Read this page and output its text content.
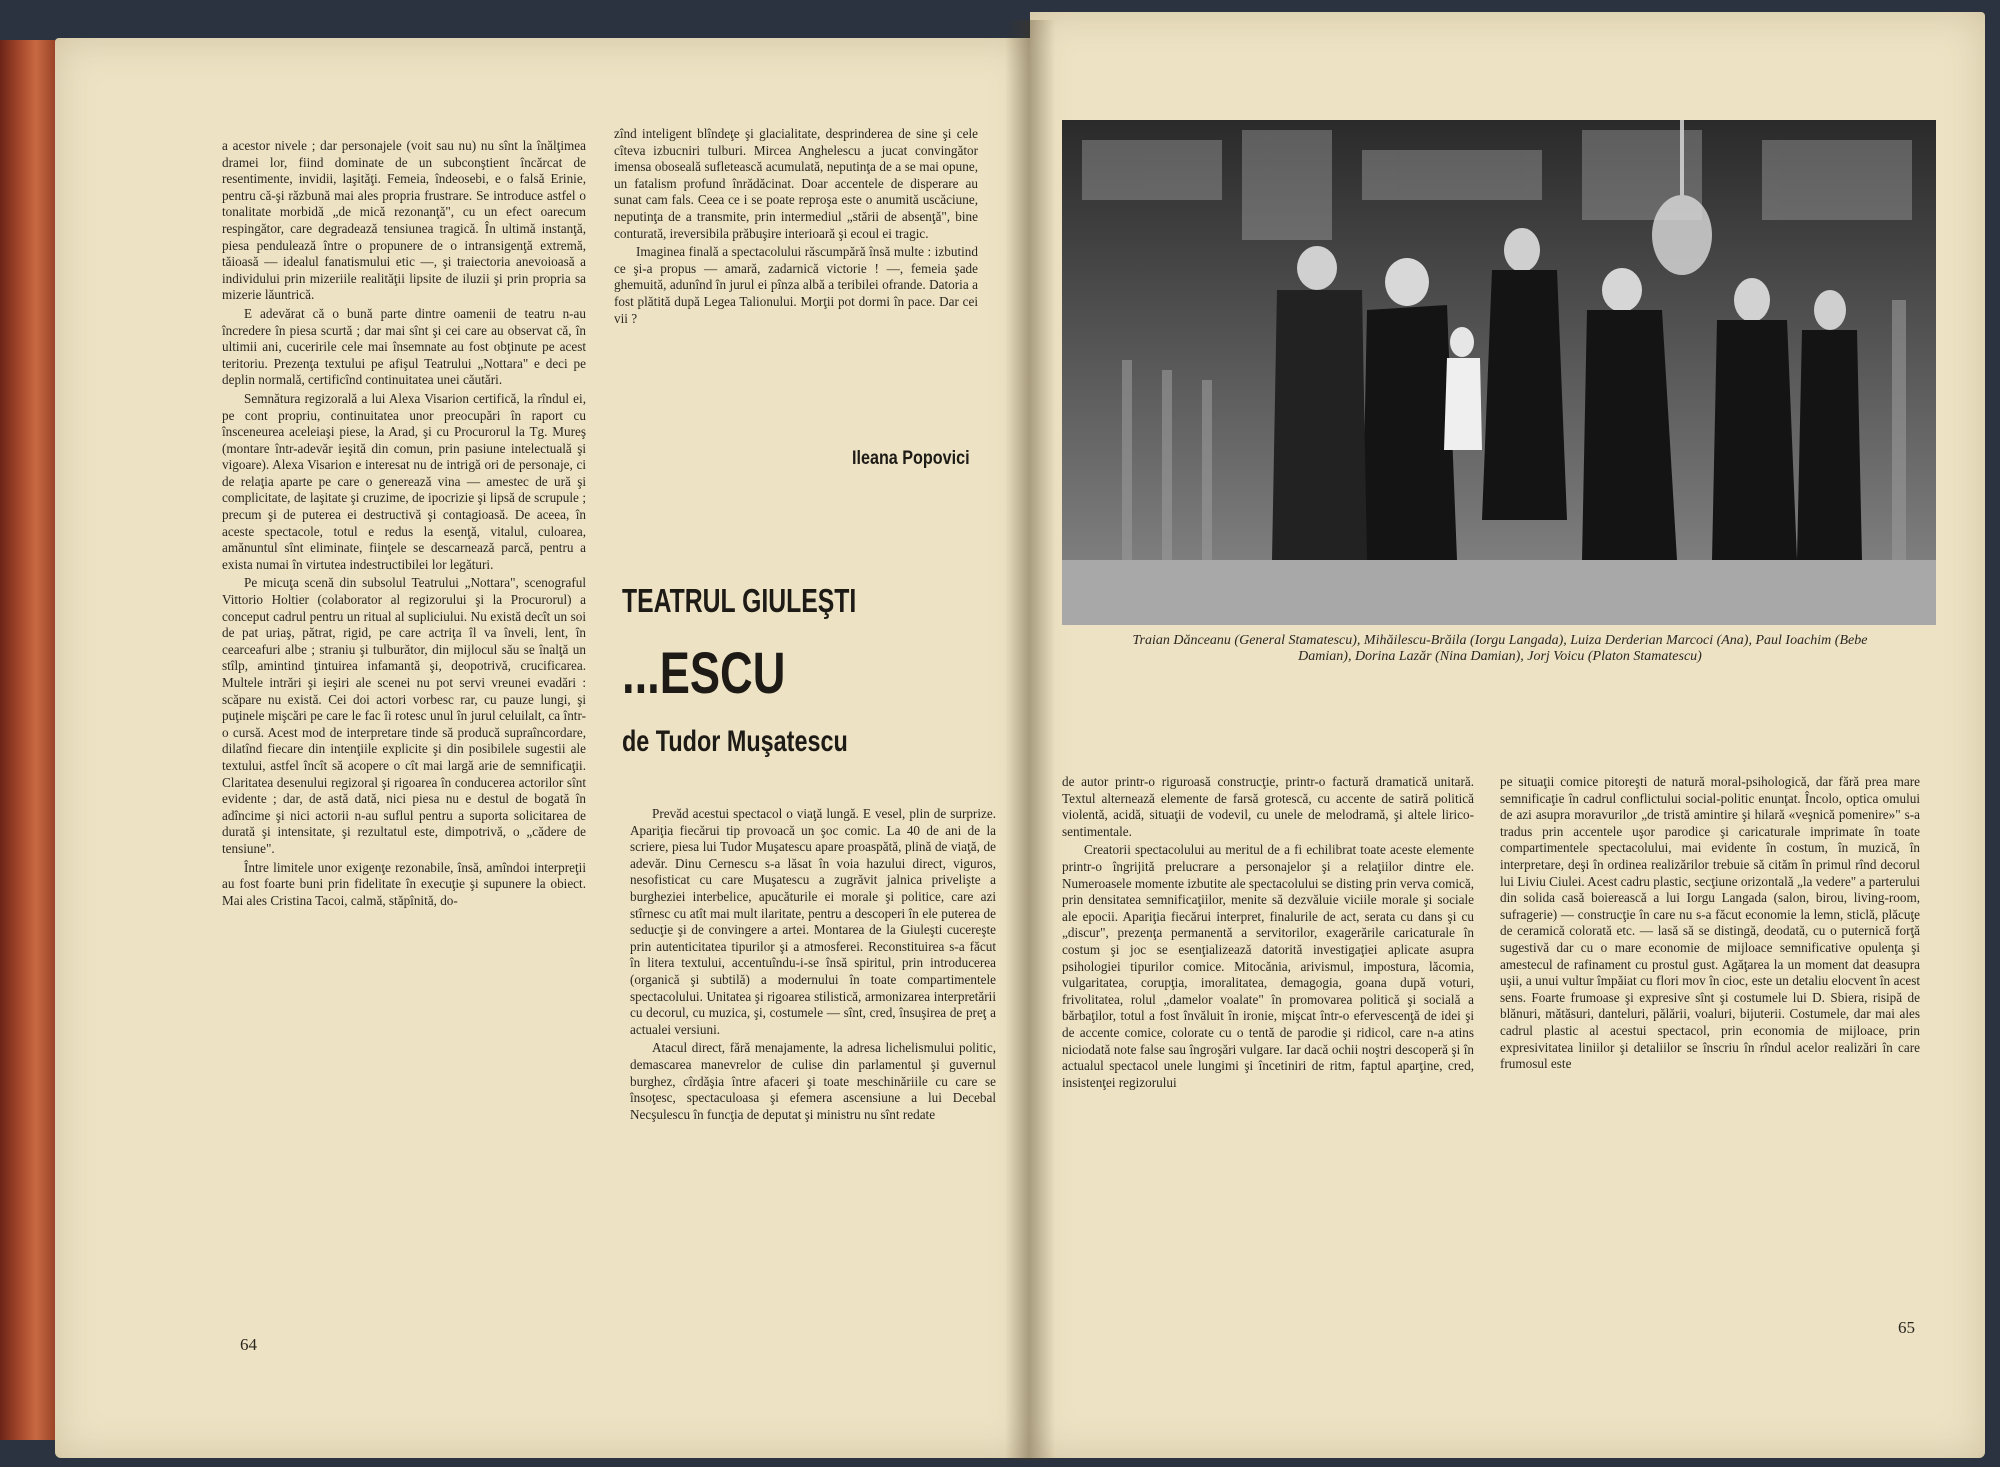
a acestor nivele ; dar personajele (voit sau nu) nu sînt la înălţimea dramei lor, fiind dominate de un subconştient încărcat de resentimente, invidii, laşităţi. Femeia, îndeosebi, e o falsă Erinie, pentru că-şi răzbună mai ales propria frustrare. Se introduce astfel o tonalitate morbidă „de mică rezonanţă", cu un efect oarecum respingător, care degradează tensiunea tragică. În ultimă instanţă, piesa pendulează între o propunere de o intransigenţă extremă, tăioasă — idealul fanatismului etic —, şi traiectoria anevoioasă a individului prin mizeriile realităţii lipsite de iluzii şi prin propria sa mizerie lăuntrică.

E adevărat că o bună parte dintre oamenii de teatru n-au încredere în piesa scurtă ; dar mai sînt şi cei care au observat că, în ultimii ani, cuceririle cele mai însemnate au fost obţinute pe acest teritoriu. Prezenţa textului pe afişul Teatrului „Nottara" e deci pe deplin normală, certificînd continuitatea unei căutări.

Semnătura regizorală a lui Alexa Visarion certifică, la rîndul ei, pe cont propriu, continuitatea unor preocupări în raport cu însceneurea aceleiaşi piese, la Arad, şi cu Procurorul la Tg. Mureş (montare într-adevăr ieşită din comun, prin pasiune intelectuală şi vigoare). Alexa Visarion e interesat nu de intrigă ori de personaje, ci de relaţia aparte pe care o generează vina — amestec de ură şi complicitate, de laşitate şi cruzime, de ipocrizie şi lipsă de scrupule ; precum şi de puterea ei destructivă şi contagioasă. De aceea, în aceste spectacole, totul e redus la esenţă, vitalul, culoarea, amănuntul sînt eliminate, fiinţele se descarnează parcă, pentru a exista numai în virtutea indestructibilei lor legături.

Pe micuţa scenă din subsolul Teatrului „Nottara", scenograful Vittorio Holtier (colaborator al regizorului şi la Procurorul) a conceput cadrul pentru un ritual al supliciului. Nu există decît un soi de pat uriaş, pătrat, rigid, pe care actriţa îl va înveli, lent, în cearceafuri albe ; straniu şi tulburător, din mijlocul său se înalţă un stîlp, amintind ţintuirea infamantă şi, deopotrivă, crucificarea. Multele intrări şi ieşiri ale scenei nu pot servi vreunei evadări : scăpare nu există. Cei doi actori vorbesc rar, cu pauze lungi, şi puţinele mişcări pe care le fac îi rotesc unul în jurul celuilalt, ca într-o cursă. Acest mod de interpretare tinde să producă supraîncordare, dilatînd fiecare din intenţiile explicite şi din posibilele sugestii ale textului, astfel încît să acopere o cît mai largă arie de semnificaţii. Claritatea desenului regizoral şi rigoarea în conducerea actorilor sînt evidente ; dar, de astă dată, nici piesa nu e destul de bogată în adîncime şi nici actorii n-au suflul pentru a suporta solicitarea de durată şi intensitate, şi rezultatul este, dimpotrivă, o „cădere de tensiune".

Între limitele unor exigenţe rezonabile, însă, amîndoi interpreţii au fost foarte buni prin fidelitate în execuţie şi supunere la obiect. Mai ales Cristina Tacoi, calmă, stăpînită, do-

zînd inteligent blîndeţe şi glacialitate, desprinderea de sine şi cele cîteva izbucniri tulburi. Mircea Anghelescu a jucat convingător imensa oboseală sufletească acumulată, neputinţa de a se mai opune, un fatalism profund înrădăcinat. Doar accentele de disperare au sunat cam fals. Ceea ce i se poate reproşa este o anumită uscăciune, neputinţa de a transmite, prin intermediul „stării de absenţă", bine conturată, ireversibila prăbuşire interioară şi ecoul ei tragic.

Imaginea finală a spectacolului răscumpără însă multe : izbutind ce şi-a propus — amară, zadarnică victorie ! —, femeia şade ghemuită, adunînd în jurul ei pînza albă a teribilei ofrande. Datoria a fost plătită după Legea Talionului. Morţii pot dormi în pace. Dar cei vii ?

Ileana Popovici
TEATRUL GIULEŞTI
...ESCU
de Tudor Muşatescu

Prevăd acestui spectacol o viaţă lungă. E vesel, plin de surprize. Apariţia fiecărui tip provoacă un şoc comic. La 40 de ani de la scriere, piesa lui Tudor Muşatescu apare proaspătă, plină de viaţă, de adevăr. Dinu Cernescu s-a lăsat în voia hazului direct, viguros, nesofisticat cu care Muşatescu a zugrăvit jalnica privelişte a burgheziei interbelice, apucăturile ei morale şi politice, care azi stîrnesc cu atît mai mult ilaritate, pentru a descoperi în ele puterea de seducţie şi de convingere a artei. Montarea de la Giuleşti cucereşte prin autenticitatea tipurilor şi a atmosferei. Reconstituirea s-a făcut în litera textului, accentuîndu-i-se însă spiritul, prin introducerea (organică şi subtilă) a modernului în toate compartimentele spectacolului. Unitatea şi rigoarea stilistică, armonizarea interpretării cu decorul, cu muzica, şi, costumele — sînt, cred, însuşirea de preţ a actualei versiuni.

Atacul direct, fără menajamente, la adresa lichelismului politic, demascarea manevrelor de culise din parlamentul şi guvernul burghez, cîrdăşia între afaceri şi toate meschinăriile cu care se însoţesc, spectaculoasa şi efemera ascensiune a lui Decebal Necşulescu în funcţia de deputat şi ministru nu sînt redate

64
Traian Dănceanu (General Stamatescu), Mihăilescu-Brăila (Iorgu Langada), Luiza Derderian Marcoci (Ana), Paul Ioachim (Bebe Damian), Dorina Lazăr (Nina Damian), Jorj Voicu (Platon Stamatescu)

de autor printr-o riguroasă construcţie, printr-o factură dramatică unitară. Textul alternează elemente de farsă grotescă, cu accente de satiră politică violentă, acidă, situaţii de vodevil, cu unele de melodramă, şi altele lirico-sentimentale.

Creatorii spectacolului au meritul de a fi echilibrat toate aceste elemente printr-o îngrijită prelucrare a personajelor şi a relaţiilor dintre ele. Numeroasele momente izbutite ale spectacolului se disting prin verva comică, prin densitatea semnificaţiilor, menite să dezvăluie viciile morale şi sociale ale epocii. Apariţia fiecărui interpret, finalurile de act, serata cu dans şi cu „discur", prezenţa permanentă a servitorilor, exagerările caricaturale în costum şi joc se esenţializează datorită investigaţiei aplicate asupra psihologiei tipurilor comice. Mitocănia, arivismul, impostura, lăcomia, vulgaritatea, corupţia, imoralitatea, demagogia, goana după voturi, frivolitatea, rolul „damelor voalate" în promovarea politică şi socială a bărbaţilor, totul a fost învăluit în ironie, mişcat într-o efervescenţă de idei şi de accente comice, colorate cu o tentă de parodie şi ridicol, care n-a atins niciodată note false sau îngroşări vulgare. Iar dacă ochii noştri descoperă şi în actualul spectacol unele lungimi şi încetiniri de ritm, faptul aparţine, cred, insistenţei regizorului

pe situaţii comice pitoreşti de natură moral-psihologică, dar fără prea mare semnificaţie în cadrul conflictului social-politic enunţat. Încolo, optica omului de azi asupra moravurilor „de tristă amintire şi hilară «veşnică pomenire»" s-a tradus prin accentele uşor parodice şi caricaturale imprimate în toate compartimentele spectacolului, mai evidente în costum, în muzică, în interpretare, deşi în ordinea realizărilor trebuie să cităm în primul rînd decorul lui Liviu Ciulei. Acest cadru plastic, secţiune orizontală „la vedere" a parterului din solida casă boierească a lui Iorgu Langada (salon, birou, living-room, sufragerie) — construcţie în care nu s-a făcut economie la lemn, sticlă, plăcuţe de ceramică colorată etc. — lasă să se distingă, deodată, cu o puternică forţă sugestivă dar cu o mare economie de mijloace semnificative opulenţa şi amestecul de rafinament cu prostul gust. Agăţarea la un moment dat deasupra uşii, a unui vultur împăiat cu flori mov în cioc, este un detaliu elocvent în acest sens. Foarte frumoase şi expresive sînt şi costumele lui D. Sbiera, risipă de blănuri, mătăsuri, danteluri, pălării, voaluri, bijuterii. Costumele, dar mai ales cadrul plastic al acestui spectacol, prin economia de mijloace, prin expresivitatea liniilor şi detaliilor se înscriu în rîndul acelor realizări în care frumosul este

65
